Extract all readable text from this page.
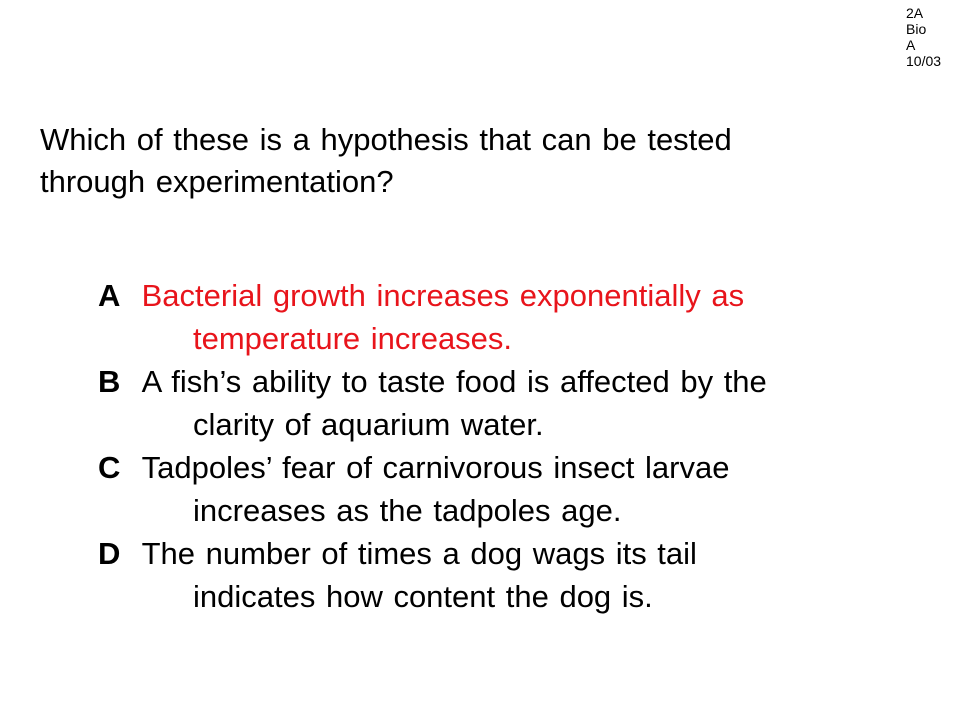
2A
Bio
A
10/03
Which of these is a hypothesis that can be tested
through experimentation?
A Bacterial growth increases exponentially as
temperature increases.
B A fish’s ability to taste food is affected by the
clarity of aquarium water.
C Tadpoles’ fear of carnivorous insect larvae
increases as the tadpoles age.
D The number of times a dog wags its tail
indicates how content the dog is.
